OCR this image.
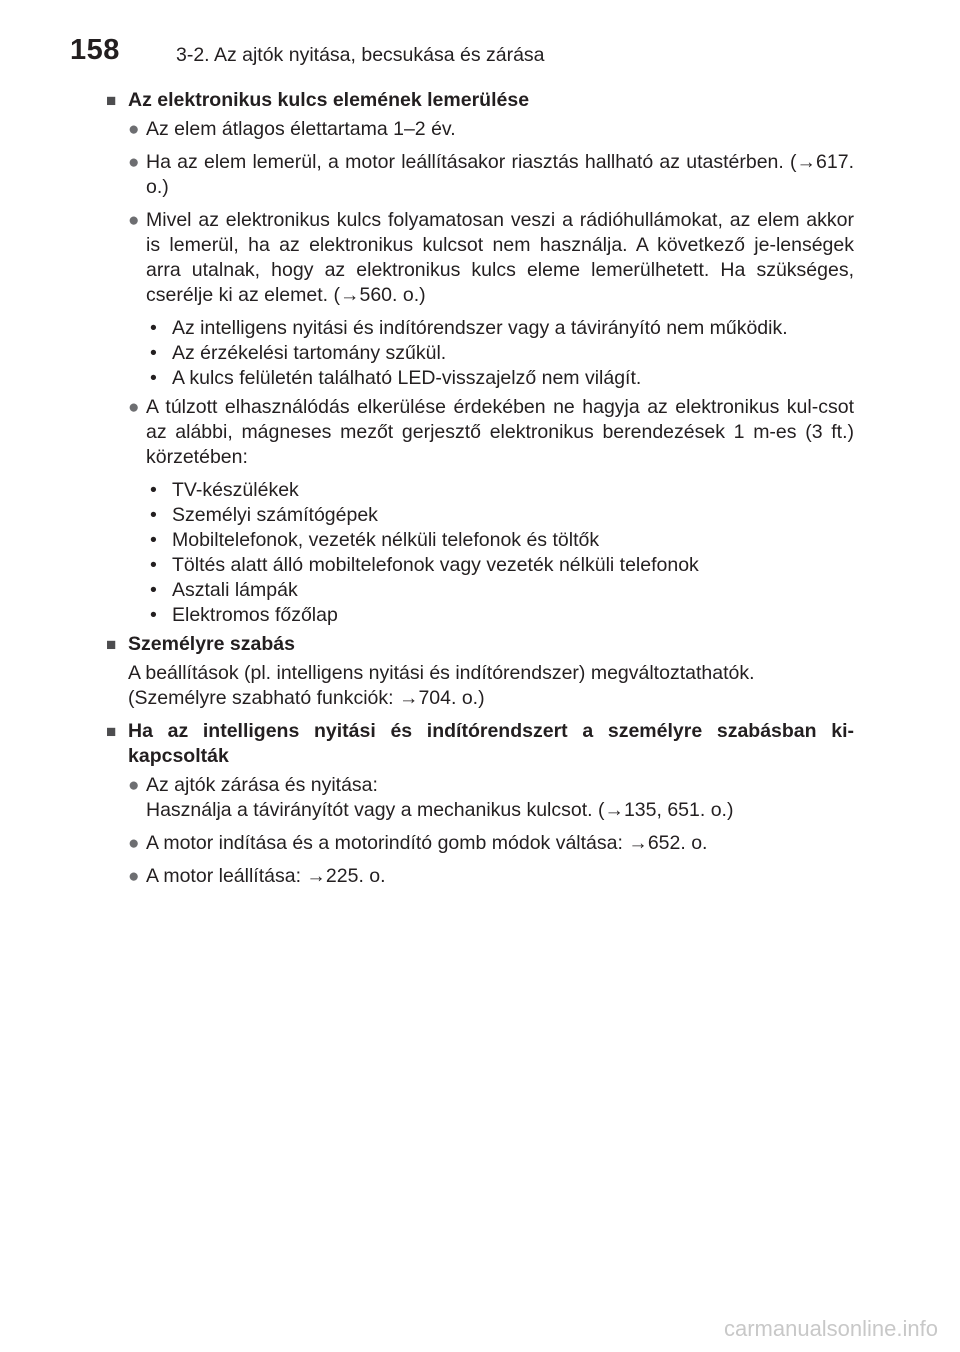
158	3-2. Az ajtók nyitása, becsukása és zárása
■ Az elektronikus kulcs elemének lemerülése
● Az elem átlagos élettartama 1–2 év.
● Ha az elem lemerül, a motor leállításakor riasztás hallható az utastérben. (→617. o.)
● Mivel az elektronikus kulcs folyamatosan veszi a rádióhullámokat, az elem akkor is lemerül, ha az elektronikus kulcsot nem használja. A következő je-lenségek arra utalnak, hogy az elektronikus kulcs eleme lemerülhetett. Ha szükséges, cserélje ki az elemet. (→560. o.)
• Az intelligens nyitási és indítórendszer vagy a távirányító nem működik.
• Az érzékelési tartomány szűkül.
• A kulcs felületén található LED-visszajelző nem világít.
● A túlzott elhasználódás elkerülése érdekében ne hagyja az elektronikus kul-csot az alábbi, mágneses mezőt gerjesztő elektronikus berendezések 1 m-es (3 ft.) körzetében:
• TV-készülékek
• Személyi számítógépek
• Mobiltelefonok, vezeték nélküli telefonok és töltők
• Töltés alatt álló mobiltelefonok vagy vezeték nélküli telefonok
• Asztali lámpák
• Elektromos főzőlap
■ Személyre szabás
A beállítások (pl. intelligens nyitási és indítórendszer) megváltoztathatók.
(Személyre szabható funkciók: →704. o.)
■ Ha az intelligens nyitási és indítórendszert a személyre szabásban ki-kapcsolták
● Az ajtók zárása és nyitása:
Használja a távirányítót vagy a mechanikus kulcsot. (→135, 651. o.)
● A motor indítása és a motorindító gomb módok váltása: →652. o.
● A motor leállítása: →225. o.
carmanualsonline.info
